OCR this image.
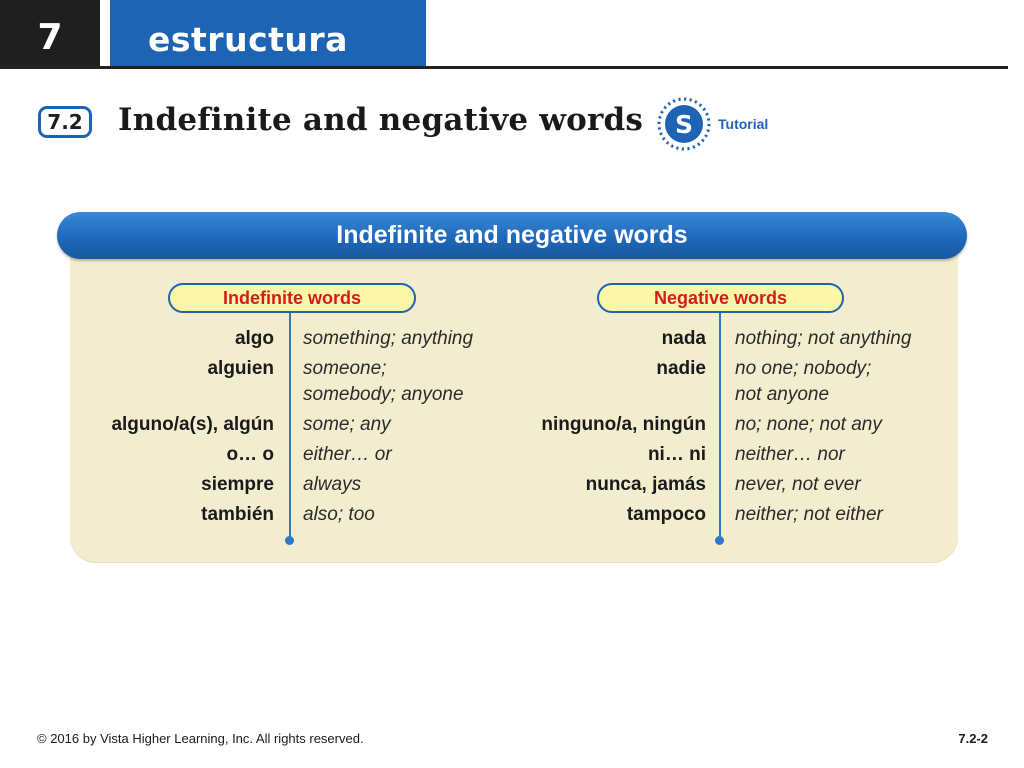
7	estructura
7.2 Indefinite and negative words S Tutorial
Indefinite and negative words
Indefinite words	Negative words
algo something; anything
alguien someone;
somebody; anyone
alguno/a(s), algún some; any
o… o either… or
siempre always
también also; too
nada nothing; not anything
nadie no one; nobody;
not anyone
ninguno/a, ningún no; none; not any
ni… ni neither… nor
nunca, jamás never, not ever
tampoco neither; not either
© 2016 by Vista Higher Learning, Inc. All rights reserved.	7.2-2
